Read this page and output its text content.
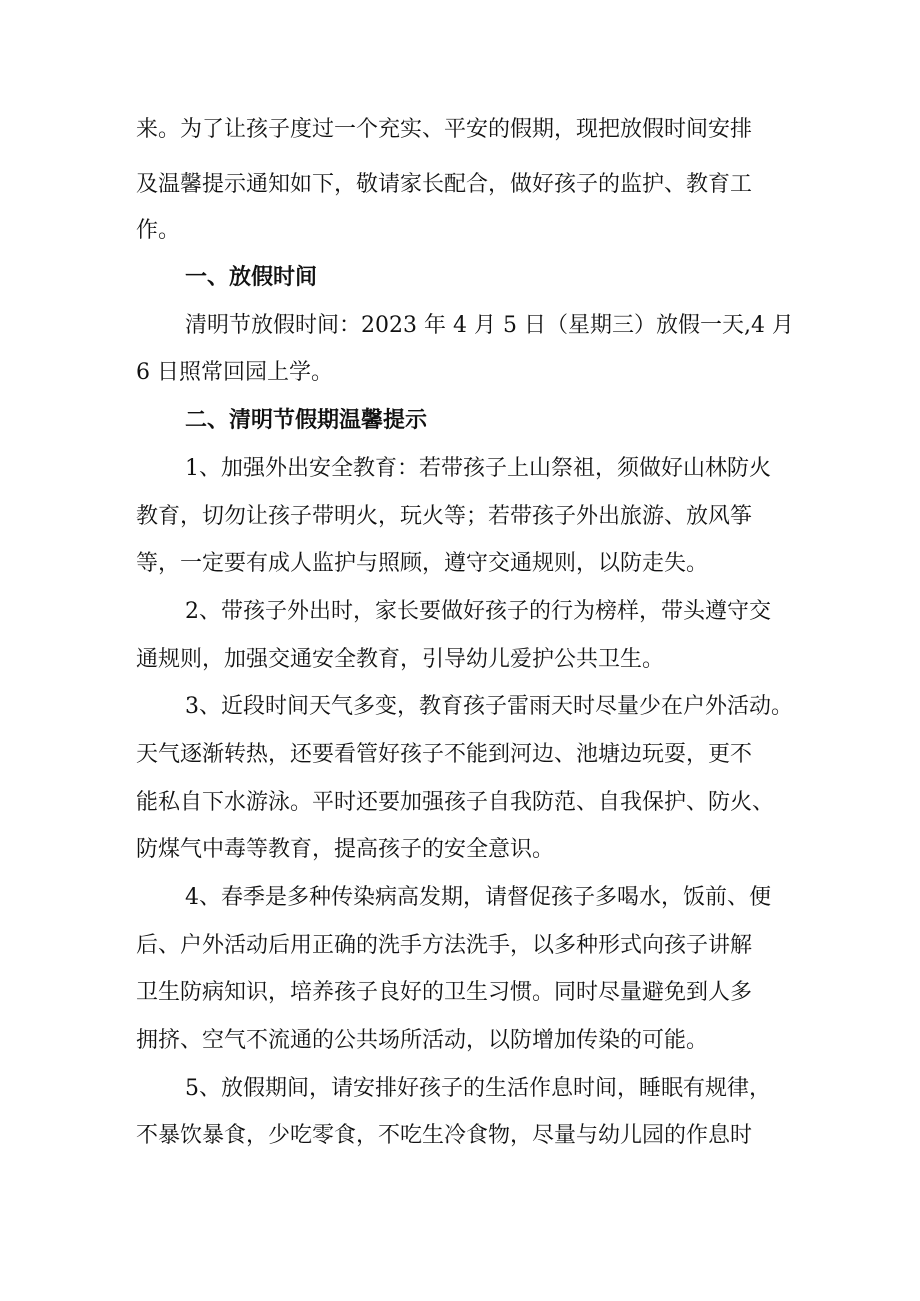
来。为了让孩子度过一个充实、平安的假期，现把放假时间安排

及温馨提示通知如下，敬请家长配合，做好孩子的监护、教育工

作。

一、放假时间

清明节放假时间：2023 年 4 月 5 日（星期三）放假一天,4 月

6 日照常回园上学。

二、清明节假期温馨提示

1、加强外出安全教育：若带孩子上山祭祖，须做好山林防火

教育，切勿让孩子带明火，玩火等；若带孩子外出旅游、放风筝

等，一定要有成人监护与照顾，遵守交通规则，以防走失。

2、带孩子外出时，家长要做好孩子的行为榜样，带头遵守交

通规则，加强交通安全教育，引导幼儿爱护公共卫生。

3、近段时间天气多变，教育孩子雷雨天时尽量少在户外活动。

天气逐渐转热，还要看管好孩子不能到河边、池塘边玩耍，更不

能私自下水游泳。平时还要加强孩子自我防范、自我保护、防火、

防煤气中毒等教育，提高孩子的安全意识。

4、春季是多种传染病高发期，请督促孩子多喝水，饭前、便

后、户外活动后用正确的洗手方法洗手，以多种形式向孩子讲解

卫生防病知识，培养孩子良好的卫生习惯。同时尽量避免到人多

拥挤、空气不流通的公共场所活动，以防增加传染的可能。

5、放假期间，请安排好孩子的生活作息时间，睡眠有规律，

不暴饮暴食，少吃零食，不吃生冷食物，尽量与幼儿园的作息时
